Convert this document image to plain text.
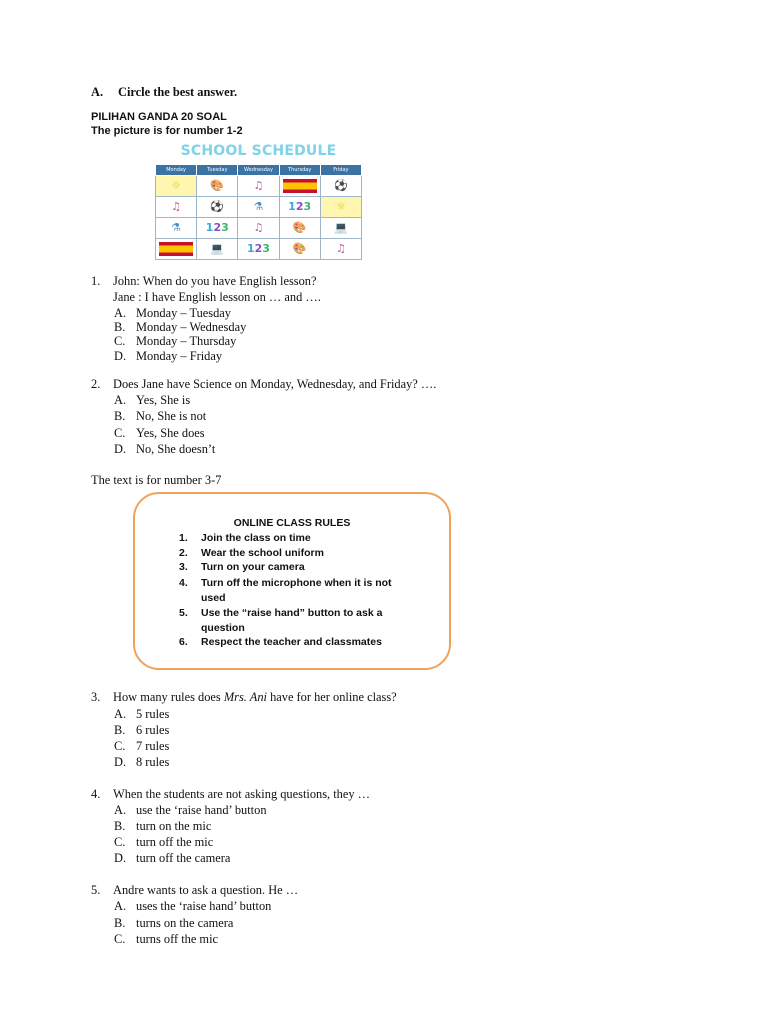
A. Circle the best answer.
PILIHAN GANDA 20 SOAL
The picture is for number 1-2
SCHOOL SCHEDULE
Monday	Tuesday	Wednesday	Thursday	Friday
☼	🎨	♫		⚽
♫	⚽	⚗	123	☼
⚗	123	♫	🎨	💻

	💻	123	🎨	♫
1. John: When do you have English lesson?
Jane : I have English lesson on … and ….
A. Monday – Tuesday
B. Monday – Wednesday
C. Monday – Thursday
D. Monday – Friday
2. Does Jane have Science on Monday, Wednesday, and Friday? ….
A. Yes, She is
B. No, She is not
C. Yes, She does
D. No, She doesn’t
The text is for number 3-7
ONLINE CLASS RULES
1. Join the class on time
2. Wear the school uniform
3. Turn on your camera
4. Turn off the microphone when it is not
used
5. Use the “raise hand” button to ask a
question
6. Respect the teacher and classmates
3. How many rules does Mrs. Ani have for her online class?
A. 5 rules
B. 6 rules
C. 7 rules
D. 8 rules
4. When the students are not asking questions, they …
A. use the ‘raise hand’ button
B. turn on the mic
C. turn off the mic
D. turn off the camera
5. Andre wants to ask a question. He …
A. uses the ‘raise hand’ button
B. turns on the camera
C. turns off the mic
